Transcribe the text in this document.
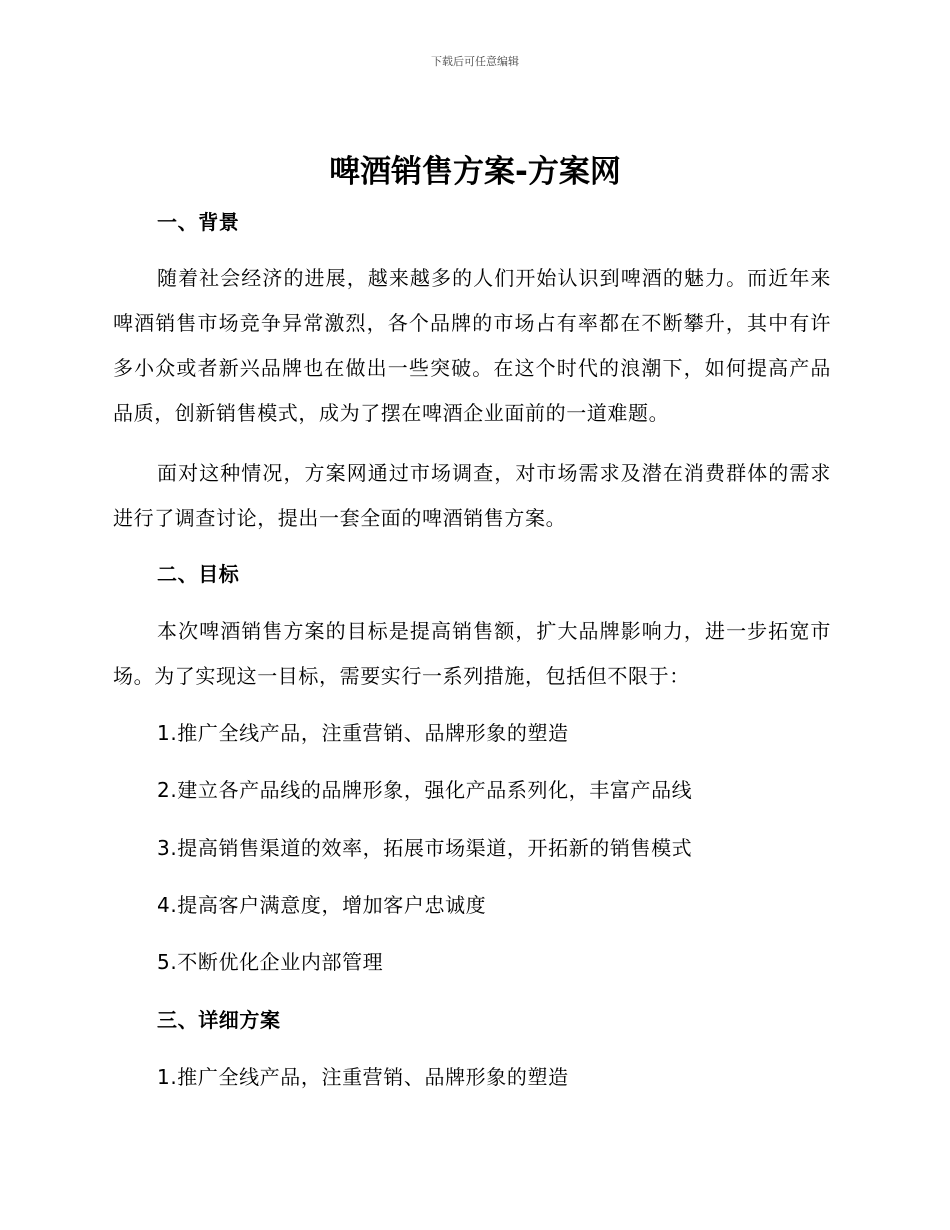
下载后可任意编辑
啤酒销售方案-方案网
一、背景

随着社会经济的进展，越来越多的人们开始认识到啤酒的魅力。而近年来啤酒销售市场竞争异常激烈，各个品牌的市场占有率都在不断攀升，其中有许多小众或者新兴品牌也在做出一些突破。在这个时代的浪潮下，如何提高产品品质，创新销售模式，成为了摆在啤酒企业面前的一道难题。

面对这种情况，方案网通过市场调查，对市场需求及潜在消费群体的需求进行了调查讨论，提出一套全面的啤酒销售方案。

二、目标

本次啤酒销售方案的目标是提高销售额，扩大品牌影响力，进一步拓宽市场。为了实现这一目标，需要实行一系列措施，包括但不限于：

1.推广全线产品，注重营销、品牌形象的塑造
2.建立各产品线的品牌形象，强化产品系列化，丰富产品线
3.提高销售渠道的效率，拓展市场渠道，开拓新的销售模式
4.提高客户满意度，增加客户忠诚度
5.不断优化企业内部管理
三、详细方案
1.推广全线产品，注重营销、品牌形象的塑造
